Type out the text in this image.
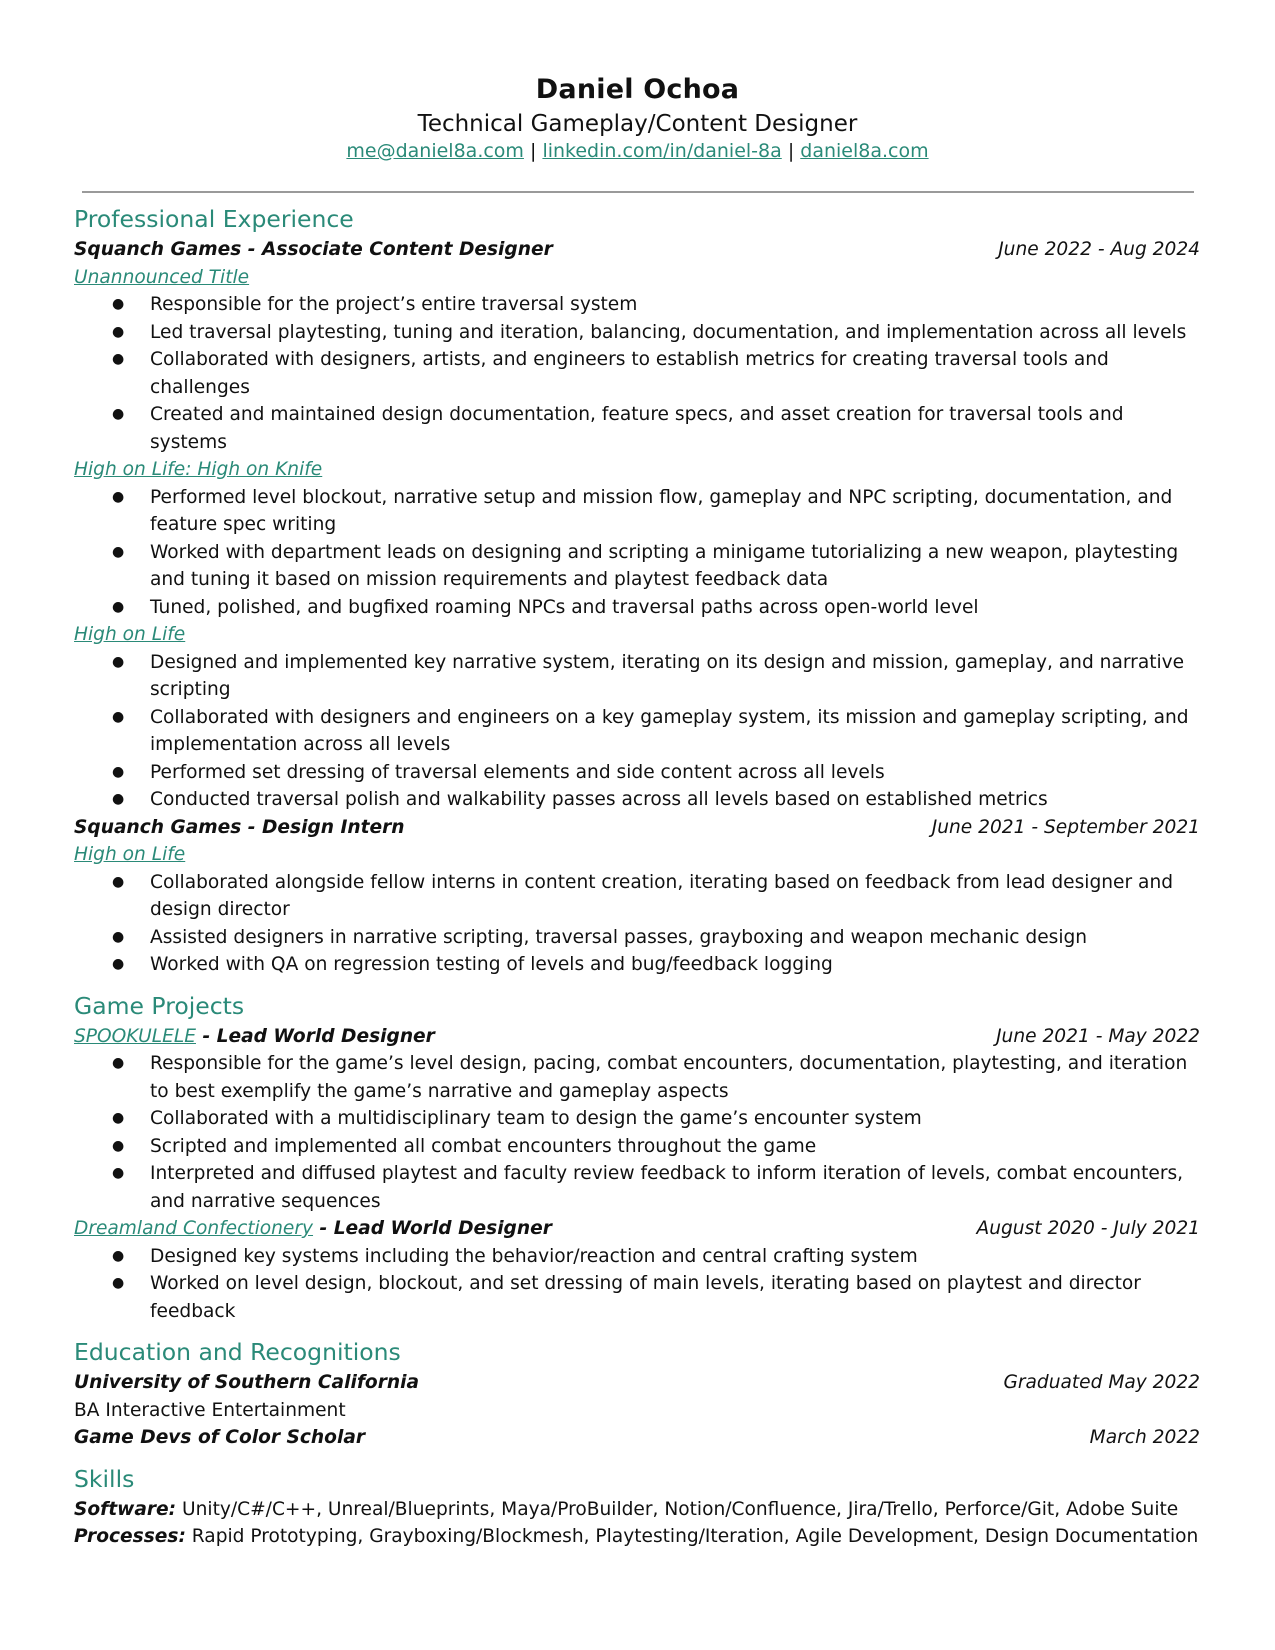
Daniel Ochoa
Technical Gameplay/Content Designer
me@daniel8a.com | linkedin.com/in/daniel-8a | daniel8a.com
Professional Experience
Squanch Games - Associate Content Designer	June 2022 - Aug 2024
Unannounced Title
● Responsible for the project’s entire traversal system
● Led traversal playtesting, tuning and iteration, balancing, documentation, and implementation across all levels
● Collaborated with designers, artists, and engineers to establish metrics for creating traversal tools and challenges
● Created and maintained design documentation, feature specs, and asset creation for traversal tools and systems
High on Life: High on Knife
● Performed level blockout, narrative setup and mission flow, gameplay and NPC scripting, documentation, and feature spec writing
● Worked with department leads on designing and scripting a minigame tutorializing a new weapon, playtesting and tuning it based on mission requirements and playtest feedback data
● Tuned, polished, and bugfixed roaming NPCs and traversal paths across open-world level
High on Life
● Designed and implemented key narrative system, iterating on its design and mission, gameplay, and narrative scripting
● Collaborated with designers and engineers on a key gameplay system, its mission and gameplay scripting, and implementation across all levels
● Performed set dressing of traversal elements and side content across all levels
● Conducted traversal polish and walkability passes across all levels based on established metrics
Squanch Games - Design Intern	June 2021 - September 2021
High on Life
● Collaborated alongside fellow interns in content creation, iterating based on feedback from lead designer and design director
● Assisted designers in narrative scripting, traversal passes, grayboxing and weapon mechanic design
● Worked with QA on regression testing of levels and bug/feedback logging
Game Projects
SPOOKULELE - Lead World Designer	June 2021 - May 2022
● Responsible for the game’s level design, pacing, combat encounters, documentation, playtesting, and iteration to best exemplify the game’s narrative and gameplay aspects
● Collaborated with a multidisciplinary team to design the game’s encounter system
● Scripted and implemented all combat encounters throughout the game
● Interpreted and diffused playtest and faculty review feedback to inform iteration of levels, combat encounters, and narrative sequences
Dreamland Confectionery - Lead World Designer	August 2020 - July 2021
● Designed key systems including the behavior/reaction and central crafting system
● Worked on level design, blockout, and set dressing of main levels, iterating based on playtest and director feedback
Education and Recognitions
University of Southern California	Graduated May 2022
BA Interactive Entertainment
Game Devs of Color Scholar	March 2022
Skills
Software: Unity/C#/C++, Unreal/Blueprints, Maya/ProBuilder, Notion/Confluence, Jira/Trello, Perforce/Git, Adobe Suite
Processes: Rapid Prototyping, Grayboxing/Blockmesh, Playtesting/Iteration, Agile Development, Design Documentation
